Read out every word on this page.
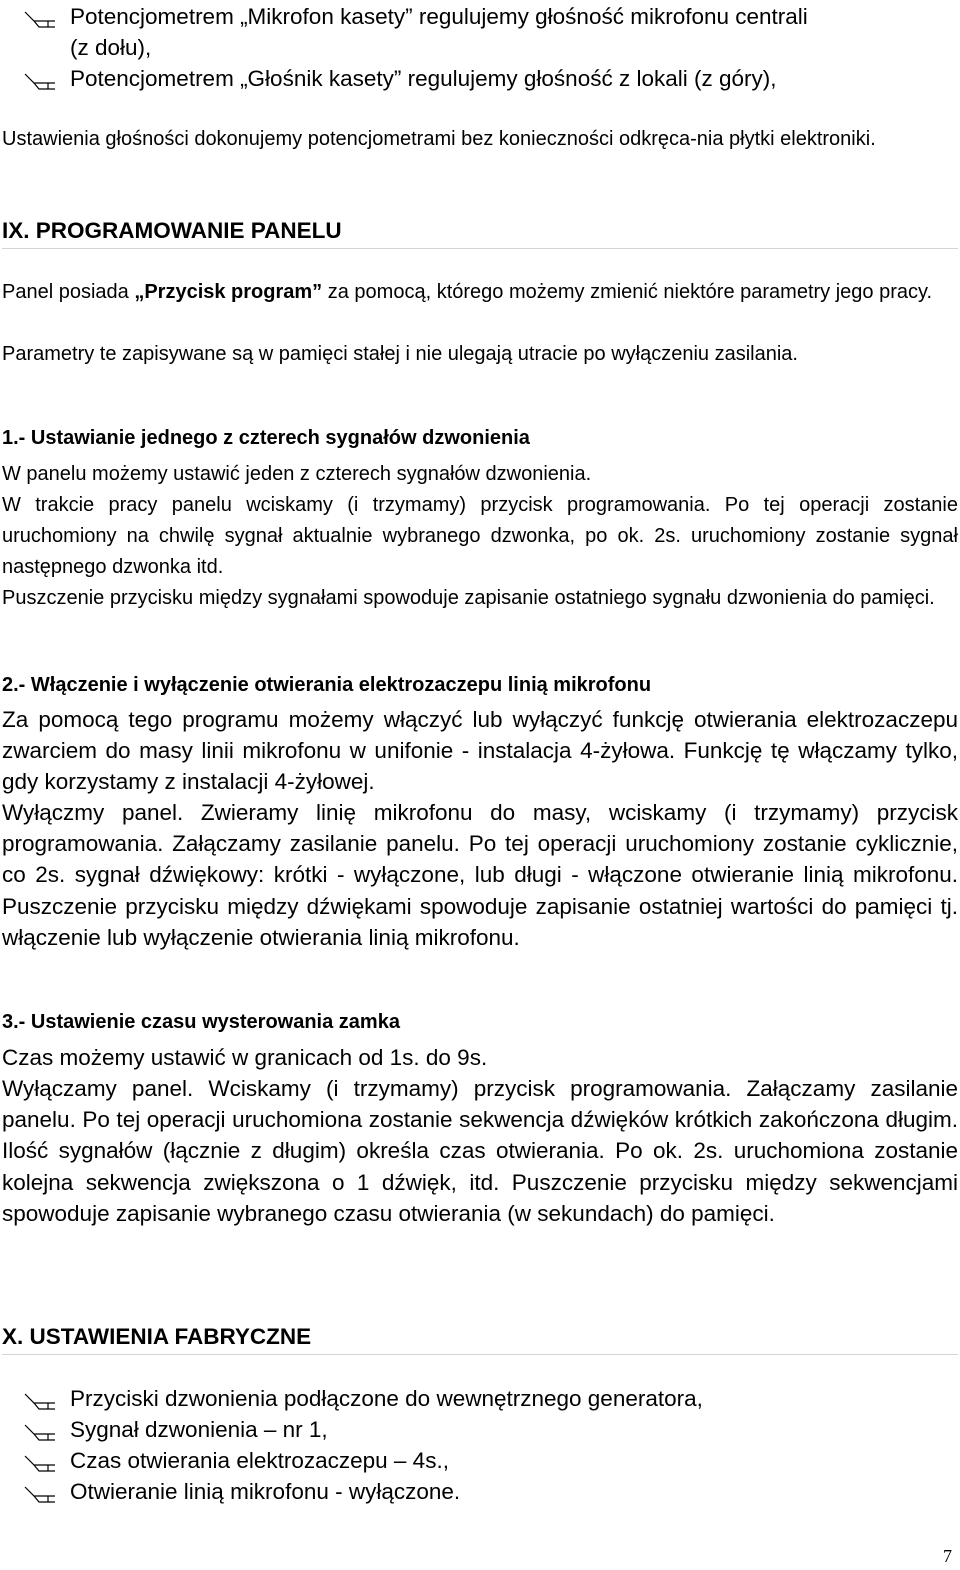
Potencjometrem „Mikrofon kasety” regulujemy głośność mikrofonu centrali
(z dołu),
Potencjometrem „Głośnik kasety” regulujemy głośność z lokali (z góry),

Ustawienia głośności dokonujemy potencjometrami bez konieczności odkręca-nia płytki elektroniki.

IX. PROGRAMOWANIE PANELU

Panel posiada „Przycisk program” za pomocą, którego możemy zmienić niektóre parametry jego pracy.

Parametry te zapisywane są w pamięci stałej i nie ulegają utracie po wyłączeniu zasilania.

1.- Ustawianie jednego z czterech sygnałów dzwonienia

W panelu możemy ustawić jeden z czterech sygnałów dzwonienia.

W trakcie pracy panelu wciskamy (i trzymamy) przycisk programowania. Po tej operacji zostanie uruchomiony na chwilę sygnał aktualnie wybranego dzwonka, po ok. 2s. uruchomiony zostanie sygnał następnego dzwonka itd.

Puszczenie przycisku między sygnałami spowoduje zapisanie ostatniego sygnału dzwonienia do pamięci.

2.- Włączenie i wyłączenie otwierania elektrozaczepu linią mikrofonu

Za pomocą tego programu możemy włączyć lub wyłączyć funkcję otwierania elektrozaczepu zwarciem do masy linii mikrofonu w unifonie - instalacja 4-żyłowa. Funkcję tę włączamy tylko, gdy korzystamy z instalacji 4-żyłowej.

Wyłączmy panel. Zwieramy linię mikrofonu do masy, wciskamy (i trzymamy) przycisk programowania. Załączamy zasilanie panelu. Po tej operacji uruchomiony zostanie cyklicznie, co 2s. sygnał dźwiękowy: krótki - wyłączone, lub długi - włączone otwieranie linią mikrofonu. Puszczenie przycisku między dźwiękami spowoduje zapisanie ostatniej wartości do pamięci tj. włączenie lub wyłączenie otwierania linią mikrofonu.

3.- Ustawienie czasu wysterowania zamka

Czas możemy ustawić w granicach od 1s. do 9s.

Wyłączamy panel. Wciskamy (i trzymamy) przycisk programowania. Załączamy zasilanie panelu. Po tej operacji uruchomiona zostanie sekwencja dźwięków krótkich zakończona długim. Ilość sygnałów (łącznie z długim) określa czas otwierania. Po ok. 2s. uruchomiona zostanie kolejna sekwencja zwiększona o 1 dźwięk, itd. Puszczenie przycisku między sekwencjami spowoduje zapisanie wybranego czasu otwierania (w sekundach) do pamięci.

X. USTAWIENIA FABRYCZNE
Przyciski dzwonienia podłączone do wewnętrznego generatora,
Sygnał dzwonienia – nr 1,
Czas otwierania elektrozaczepu – 4s.,
Otwieranie linią mikrofonu - wyłączone.
7
